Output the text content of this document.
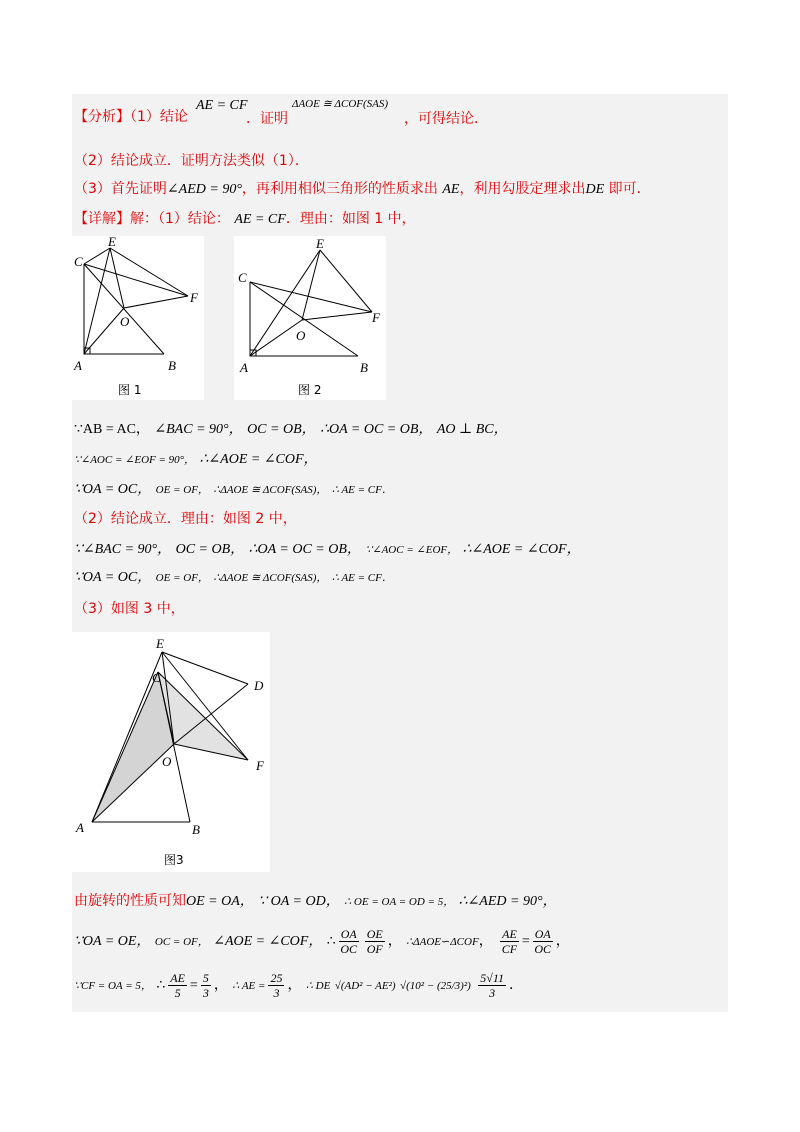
【分析】（1）结论
AE = CF
．证明
ΔAOE ≅ ΔCOF(SAS)
，可得结论．
（2）结论成立．证明方法类似（1）．
（3）首先证明∠AED = 90°，再利用相似三角形的性质求出 AE，利用勾股定理求出DE 即可．
【详解】解：（1）结论： AE = CF．理由：如图 1 中，
E
C
F
O
A	B
图 1
E
C
F
O
A	B
图 2
∵AB = AC， ∠BAC = 90°， OC = OB， ∴OA = OC = OB， AO ⊥ BC，
∵∠AOC = ∠EOF = 90°， ∴∠AOE = ∠COF，
∵OA = OC， OE = OF， ∴ΔAOE ≅ ΔCOF(SAS)， ∴ AE = CF．
（2）结论成立．理由：如图 2 中，
∵∠BAC = 90°， OC = OB， ∴OA = OC = OB， ∵∠AOC = ∠EOF， ∴∠AOE = ∠COF，
∵OA = OC， OE = OF， ∴ΔAOE ≅ ΔCOF(SAS)， ∴ AE = CF．
（3）如图 3 中，
E
C
D
F
O
A	B
图3
由旋转的性质可知OE = OA， ∵ OA = OD， ∴ OE = OA = OD = 5， ∴∠AED = 90°，
∵OA = OE， OC = OF， ∠AOE = ∠COF， ∴ $\frac{OA}{OC} \frac{OE}{OF}$ ， ∴ΔAOE∽ΔCOF， $\frac{AE}{CF} = \frac{OA}{OC}$ ，
∵CF = OA = 5， ∴ $\frac{AE}{5} = \frac{5}{3}$ ， ∴ AE = $\frac{25}{3}$ ， ∴ DE √(AD² − AE²) $√(10^2 - (25/3)^2) \frac{5√11}{3}$ ．
